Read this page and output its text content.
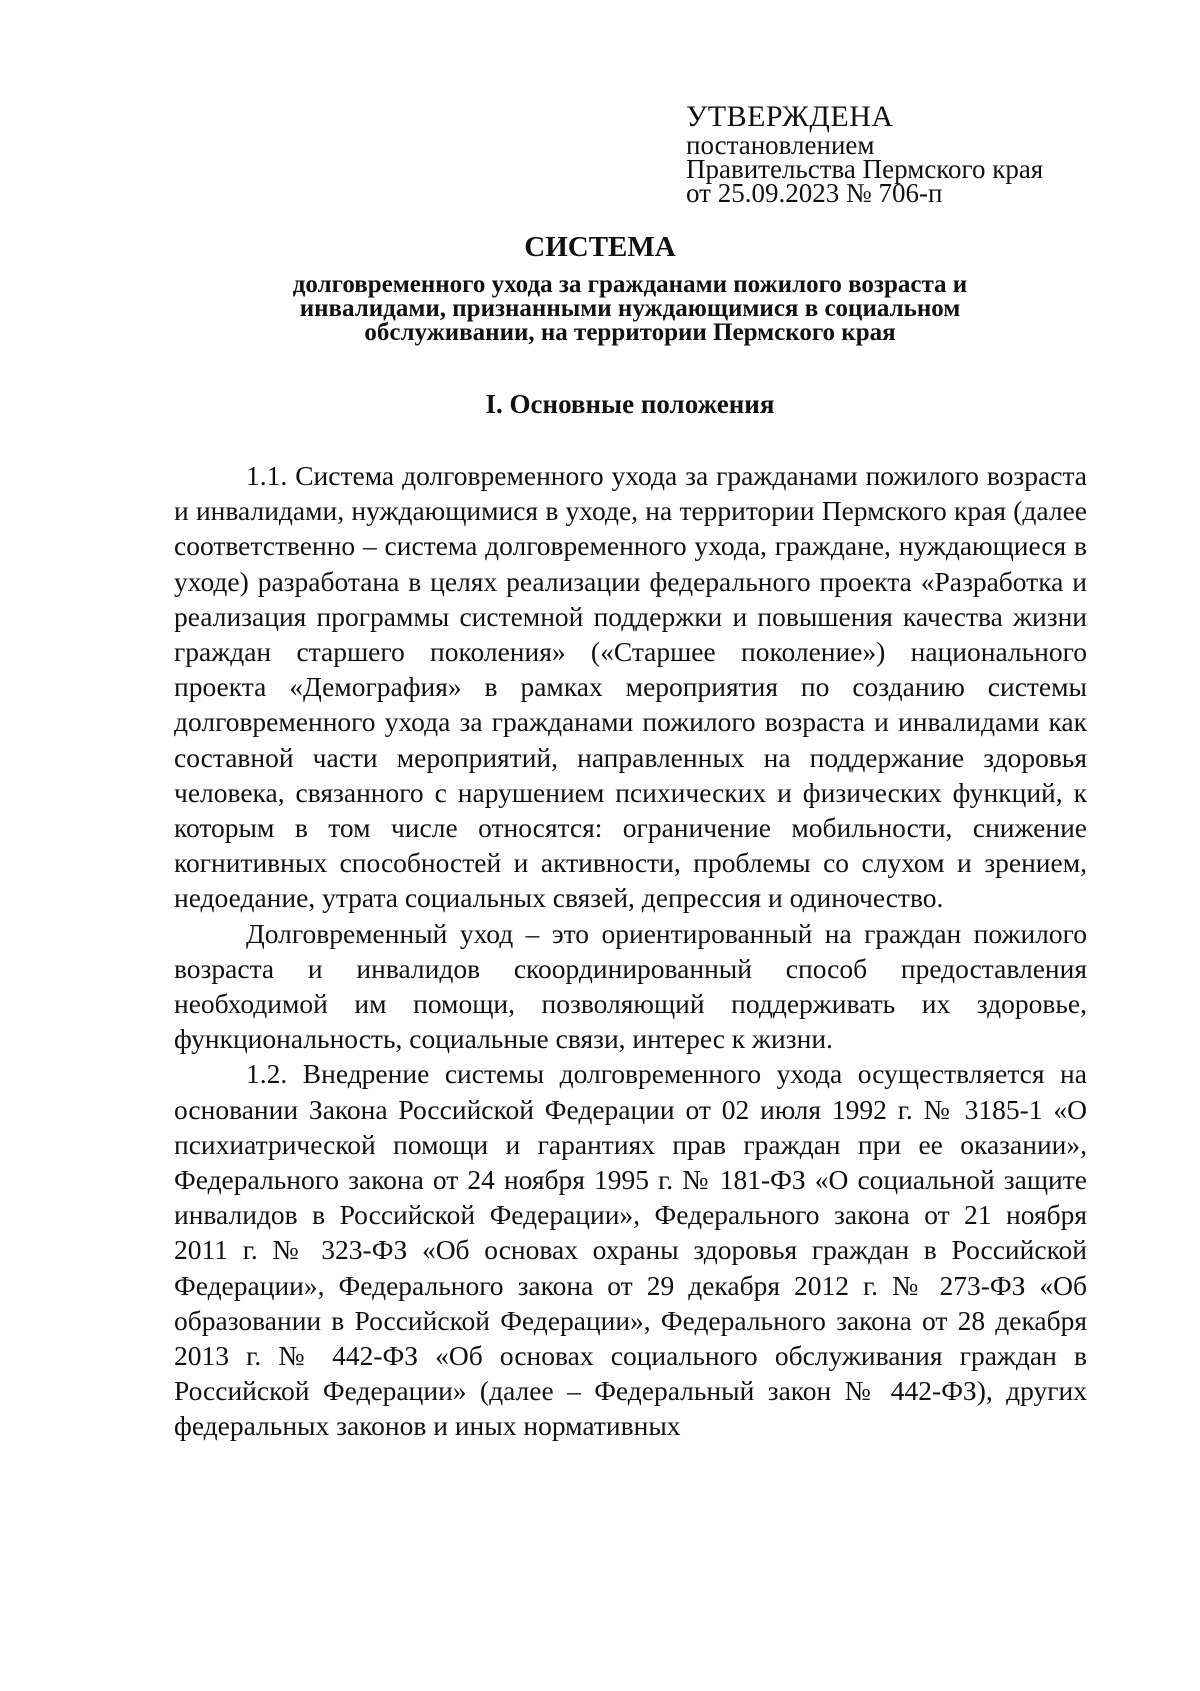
УТВЕРЖДЕНА
постановлением
Правительства Пермского края
от 25.09.2023 № 706-п
СИСТЕМА
долговременного ухода за гражданами пожилого возраста и инвалидами, признанными нуждающимися в социальном обслуживании, на территории Пермского края
I. Основные положения

1.1. Система долговременного ухода за гражданами пожилого возраста и инвалидами, нуждающимися в уходе, на территории Пермского края (далее соответственно – система долговременного ухода, граждане, нуждающиеся в уходе) разработана в целях реализации федерального проекта «Разработка и реализация программы системной поддержки и повышения качества жизни граждан старшего поколения» («Старшее поколение») национального проекта «Демография» в рамках мероприятия по созданию системы долговременного ухода за гражданами пожилого возраста и инвалидами как составной части мероприятий, направленных на поддержание здоровья человека, связанного с нарушением психических и физических функций, к которым в том числе относятся: ограничение мобильности, снижение когнитивных способностей и активности, проблемы со слухом и зрением, недоедание, утрата социальных связей, депрессия и одиночество.

Долговременный уход – это ориентированный на граждан пожилого возраста и инвалидов скоординированный способ предоставления необходимой им помощи, позволяющий поддерживать их здоровье, функциональность, социальные связи, интерес к жизни.

1.2. Внедрение системы долговременного ухода осуществляется на основании Закона Российской Федерации от 02 июля 1992 г. № 3185-1 «О психиатрической помощи и гарантиях прав граждан при ее оказании», Федерального закона от 24 ноября 1995 г. № 181-ФЗ «О социальной защите инвалидов в Российской Федерации», Федерального закона от 21 ноября 2011 г. № 323-ФЗ «Об основах охраны здоровья граждан в Российской Федерации», Федерального закона от 29 декабря 2012 г. № 273-ФЗ «Об образовании в Российской Федерации», Федерального закона от 28 декабря 2013 г. № 442-ФЗ «Об основах социального обслуживания граждан в Российской Федерации» (далее – Федеральный закон № 442-ФЗ), других федеральных законов и иных нормативных
